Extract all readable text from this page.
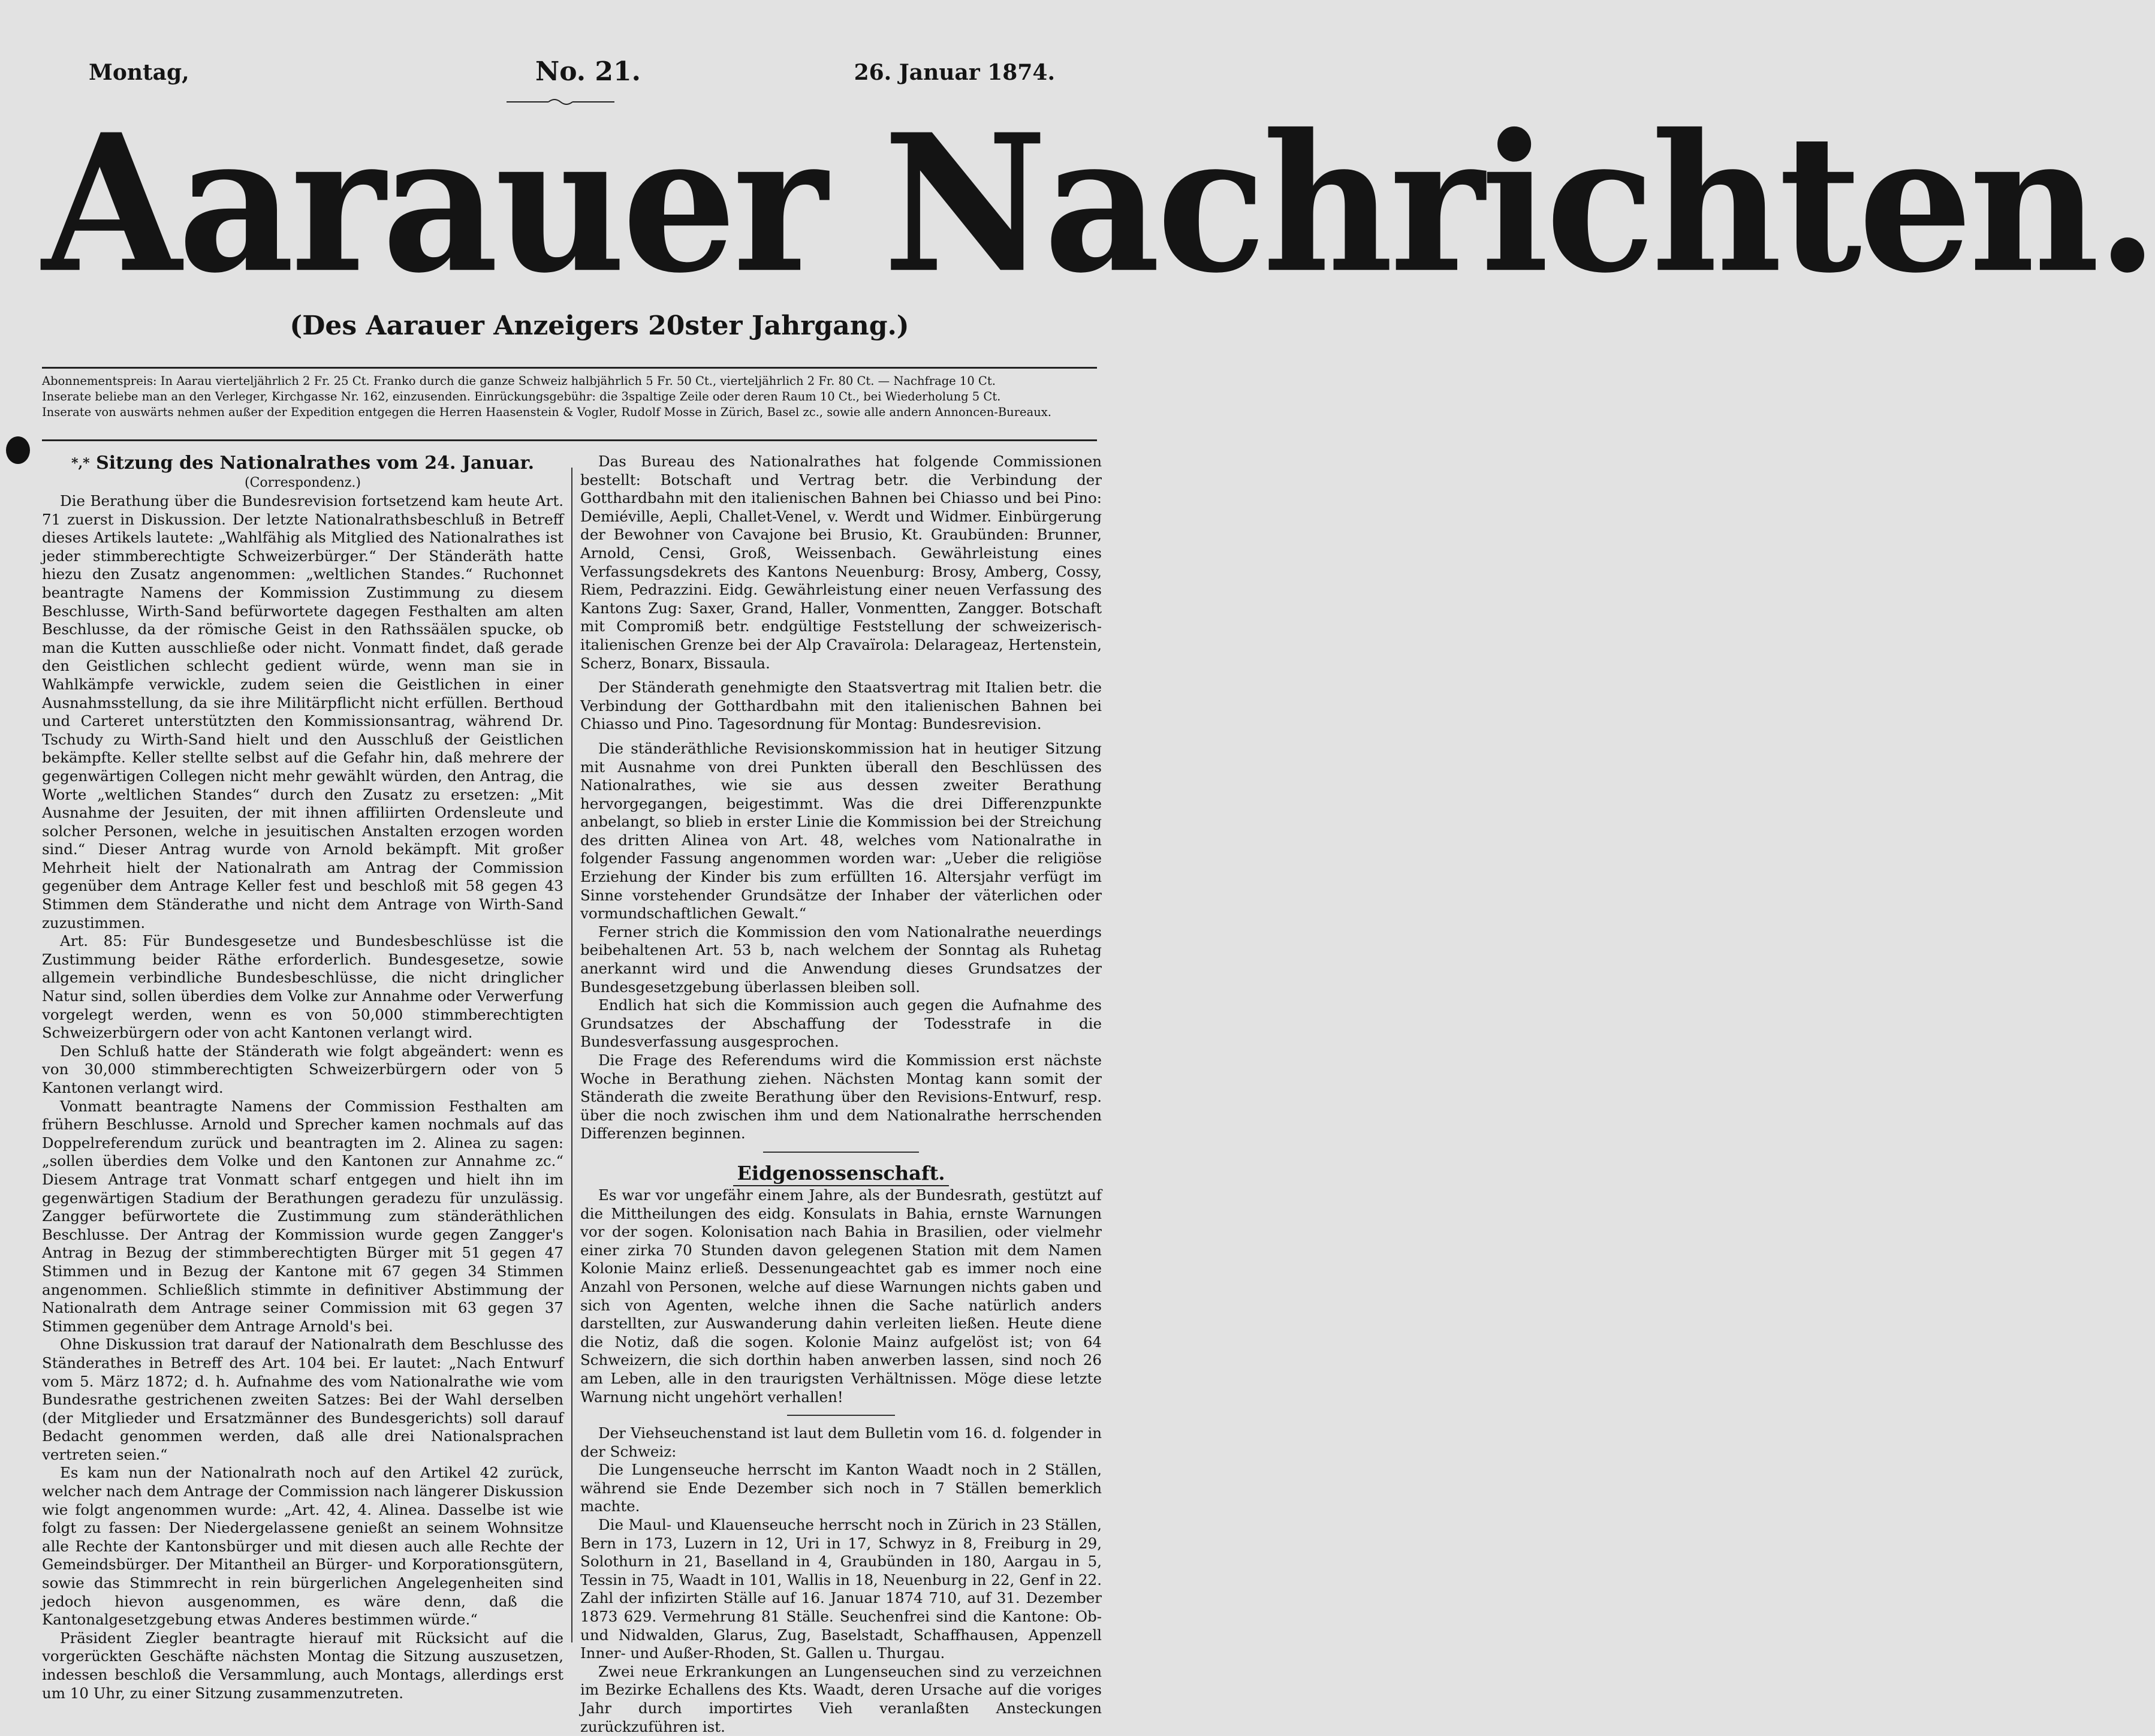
Montag,	No. 21.	26. Januar 1874.
Aarauer Nachrichten.
(Des Aarauer Anzeigers 20ster Jahrgang.)
Abonnementspreis: In Aarau vierteljährlich 2 Fr. 25 Ct. Franko durch die ganze Schweiz halbjährlich 5 Fr. 50 Ct., vierteljährlich 2 Fr. 80 Ct. — Nachfrage 10 Ct.
Inserate beliebe man an den Verleger, Kirchgasse Nr. 162, einzusenden. Einrückungsgebühr: die 3spaltige Zeile oder deren Raum 10 Ct., bei Wiederholung 5 Ct.
Inserate von auswärts nehmen außer der Expedition entgegen die Herren Haasenstein & Vogler, Rudolf Mosse in Zürich, Basel zc., sowie alle andern Annoncen-Bureaux.

*,* Sitzung des Nationalrathes vom 24. Januar.

(Correspondenz.)

Die Berathung über die Bundesrevision fortsetzend kam heute Art. 71 zuerst in Diskussion. Der letzte Nationalrathsbeschluß in Betreff dieses Artikels lautete: „Wahlfähig als Mitglied des Nationalrathes ist jeder stimmberechtigte Schweizerbürger.“ Der Ständeräth hatte hiezu den Zusatz angenommen: „weltlichen Standes.“ Ruchonnet beantragte Namens der Kommission Zustimmung zu diesem Beschlusse, Wirth-Sand befürwortete dagegen Festhalten am alten Beschlusse, da der römische Geist in den Rathssäälen spucke, ob man die Kutten ausschließe oder nicht. Vonmatt findet, daß gerade den Geistlichen schlecht gedient würde, wenn man sie in Wahlkämpfe verwickle, zudem seien die Geistlichen in einer Ausnahmsstellung, da sie ihre Militärpflicht nicht erfüllen. Berthoud und Carteret unterstützten den Kommissionsantrag, während Dr. Tschudy zu Wirth-Sand hielt und den Ausschluß der Geistlichen bekämpfte. Keller stellte selbst auf die Gefahr hin, daß mehrere der gegenwärtigen Collegen nicht mehr gewählt würden, den Antrag, die Worte „weltlichen Standes“ durch den Zusatz zu ersetzen: „Mit Ausnahme der Jesuiten, der mit ihnen affiliirten Ordensleute und solcher Personen, welche in jesuitischen Anstalten erzogen worden sind.“ Dieser Antrag wurde von Arnold bekämpft. Mit großer Mehrheit hielt der Nationalrath am Antrag der Commission gegenüber dem Antrage Keller fest und beschloß mit 58 gegen 43 Stimmen dem Ständerathe und nicht dem Antrage von Wirth-Sand zuzustimmen.

Art. 85: Für Bundesgesetze und Bundesbeschlüsse ist die Zustimmung beider Räthe erforderlich. Bundesgesetze, sowie allgemein verbindliche Bundesbeschlüsse, die nicht dringlicher Natur sind, sollen überdies dem Volke zur Annahme oder Verwerfung vorgelegt werden, wenn es von 50,000 stimmberechtigten Schweizerbürgern oder von acht Kantonen verlangt wird.

Den Schluß hatte der Ständerath wie folgt abgeändert: wenn es von 30,000 stimmberechtigten Schweizerbürgern oder von 5 Kantonen verlangt wird.

Vonmatt beantragte Namens der Commission Festhalten am frühern Beschlusse. Arnold und Sprecher kamen nochmals auf das Doppelreferendum zurück und beantragten im 2. Alinea zu sagen: „sollen überdies dem Volke und den Kantonen zur Annahme zc.“ Diesem Antrage trat Vonmatt scharf entgegen und hielt ihn im gegenwärtigen Stadium der Berathungen geradezu für unzulässig. Zangger befürwortete die Zustimmung zum ständeräthlichen Beschlusse. Der Antrag der Kommission wurde gegen Zangger's Antrag in Bezug der stimmberechtigten Bürger mit 51 gegen 47 Stimmen und in Bezug der Kantone mit 67 gegen 34 Stimmen angenommen. Schließlich stimmte in definitiver Abstimmung der Nationalrath dem Antrage seiner Commission mit 63 gegen 37 Stimmen gegenüber dem Antrage Arnold's bei.

Ohne Diskussion trat darauf der Nationalrath dem Beschlusse des Ständerathes in Betreff des Art. 104 bei. Er lautet: „Nach Entwurf vom 5. März 1872; d. h. Aufnahme des vom Nationalrathe wie vom Bundesrathe gestrichenen zweiten Satzes: Bei der Wahl derselben (der Mitglieder und Ersatzmänner des Bundesgerichts) soll darauf Bedacht genommen werden, daß alle drei Nationalsprachen vertreten seien.“

Es kam nun der Nationalrath noch auf den Artikel 42 zurück, welcher nach dem Antrage der Commission nach längerer Diskussion wie folgt angenommen wurde: „Art. 42, 4. Alinea. Dasselbe ist wie folgt zu fassen: Der Niedergelassene genießt an seinem Wohnsitze alle Rechte der Kantonsbürger und mit diesen auch alle Rechte der Gemeindsbürger. Der Mitantheil an Bürger- und Korporationsgütern, sowie das Stimmrecht in rein bürgerlichen Angelegenheiten sind jedoch hievon ausgenommen, es wäre denn, daß die Kantonalgesetzgebung etwas Anderes bestimmen würde.“

Präsident Ziegler beantragte hierauf mit Rücksicht auf die vorgerückten Geschäfte nächsten Montag die Sitzung auszusetzen, indessen beschloß die Versammlung, auch Montags, allerdings erst um 10 Uhr, zu einer Sitzung zusammenzutreten.

Das Bureau des Nationalrathes hat folgende Commissionen bestellt: Botschaft und Vertrag betr. die Verbindung der Gotthardbahn mit den italienischen Bahnen bei Chiasso und bei Pino: Demiéville, Aepli, Challet-Venel, v. Werdt und Widmer. Einbürgerung der Bewohner von Cavajone bei Brusio, Kt. Graubünden: Brunner, Arnold, Censi, Groß, Weissenbach. Gewährleistung eines Verfassungsdekrets des Kantons Neuenburg: Brosy, Amberg, Cossy, Riem, Pedrazzini. Eidg. Gewährleistung einer neuen Verfassung des Kantons Zug: Saxer, Grand, Haller, Vonmentten, Zangger. Botschaft mit Compromiß betr. endgültige Feststellung der schweizerisch-italienischen Grenze bei der Alp Cravaïrola: Delarageaz, Hertenstein, Scherz, Bonarx, Bissaula.

Der Ständerath genehmigte den Staatsvertrag mit Italien betr. die Verbindung der Gotthardbahn mit den italienischen Bahnen bei Chiasso und Pino. Tagesordnung für Montag: Bundesrevision.

Die ständeräthliche Revisionskommission hat in heutiger Sitzung mit Ausnahme von drei Punkten überall den Beschlüssen des Nationalrathes, wie sie aus dessen zweiter Berathung hervorgegangen, beigestimmt. Was die drei Differenzpunkte anbelangt, so blieb in erster Linie die Kommission bei der Streichung des dritten Alinea von Art. 48, welches vom Nationalrathe in folgender Fassung angenommen worden war: „Ueber die religiöse Erziehung der Kinder bis zum erfüllten 16. Altersjahr verfügt im Sinne vorstehender Grundsätze der Inhaber der väterlichen oder vormundschaftlichen Gewalt.“

Ferner strich die Kommission den vom Nationalrathe neuerdings beibehaltenen Art. 53 b, nach welchem der Sonntag als Ruhetag anerkannt wird und die Anwendung dieses Grundsatzes der Bundesgesetzgebung überlassen bleiben soll.

Endlich hat sich die Kommission auch gegen die Aufnahme des Grundsatzes der Abschaffung der Todesstrafe in die Bundesverfassung ausgesprochen.

Die Frage des Referendums wird die Kommission erst nächste Woche in Berathung ziehen. Nächsten Montag kann somit der Ständerath die zweite Berathung über den Revisions-Entwurf, resp. über die noch zwischen ihm und dem Nationalrathe herrschenden Differenzen beginnen.

Eidgenossenschaft.

Es war vor ungefähr einem Jahre, als der Bundesrath, gestützt auf die Mittheilungen des eidg. Konsulats in Bahia, ernste Warnungen vor der sogen. Kolonisation nach Bahia in Brasilien, oder vielmehr einer zirka 70 Stunden davon gelegenen Station mit dem Namen Kolonie Mainz erließ. Dessenungeachtet gab es immer noch eine Anzahl von Personen, welche auf diese Warnungen nichts gaben und sich von Agenten, welche ihnen die Sache natürlich anders darstellten, zur Auswanderung dahin verleiten ließen. Heute diene die Notiz, daß die sogen. Kolonie Mainz aufgelöst ist; von 64 Schweizern, die sich dorthin haben anwerben lassen, sind noch 26 am Leben, alle in den traurigsten Verhältnissen. Möge diese letzte Warnung nicht ungehört verhallen!

Der Viehseuchenstand ist laut dem Bulletin vom 16. d. folgender in der Schweiz:

Die Lungenseuche herrscht im Kanton Waadt noch in 2 Ställen, während sie Ende Dezember sich noch in 7 Ställen bemerklich machte.

Die Maul- und Klauenseuche herrscht noch in Zürich in 23 Ställen, Bern in 173, Luzern in 12, Uri in 17, Schwyz in 8, Freiburg in 29, Solothurn in 21, Baselland in 4, Graubünden in 180, Aargau in 5, Tessin in 75, Waadt in 101, Wallis in 18, Neuenburg in 22, Genf in 22. Zahl der infizirten Ställe auf 16. Januar 1874 710, auf 31. Dezember 1873 629. Vermehrung 81 Ställe. Seuchenfrei sind die Kantone: Ob- und Nidwalden, Glarus, Zug, Baselstadt, Schaffhausen, Appenzell Inner- und Außer-Rhoden, St. Gallen u. Thurgau.

Zwei neue Erkrankungen an Lungenseuchen sind zu verzeichnen im Bezirke Echallens des Kts. Waadt, deren Ursache auf die voriges Jahr durch importirtes Vieh veranlaßten Ansteckungen zurückzuführen ist.
